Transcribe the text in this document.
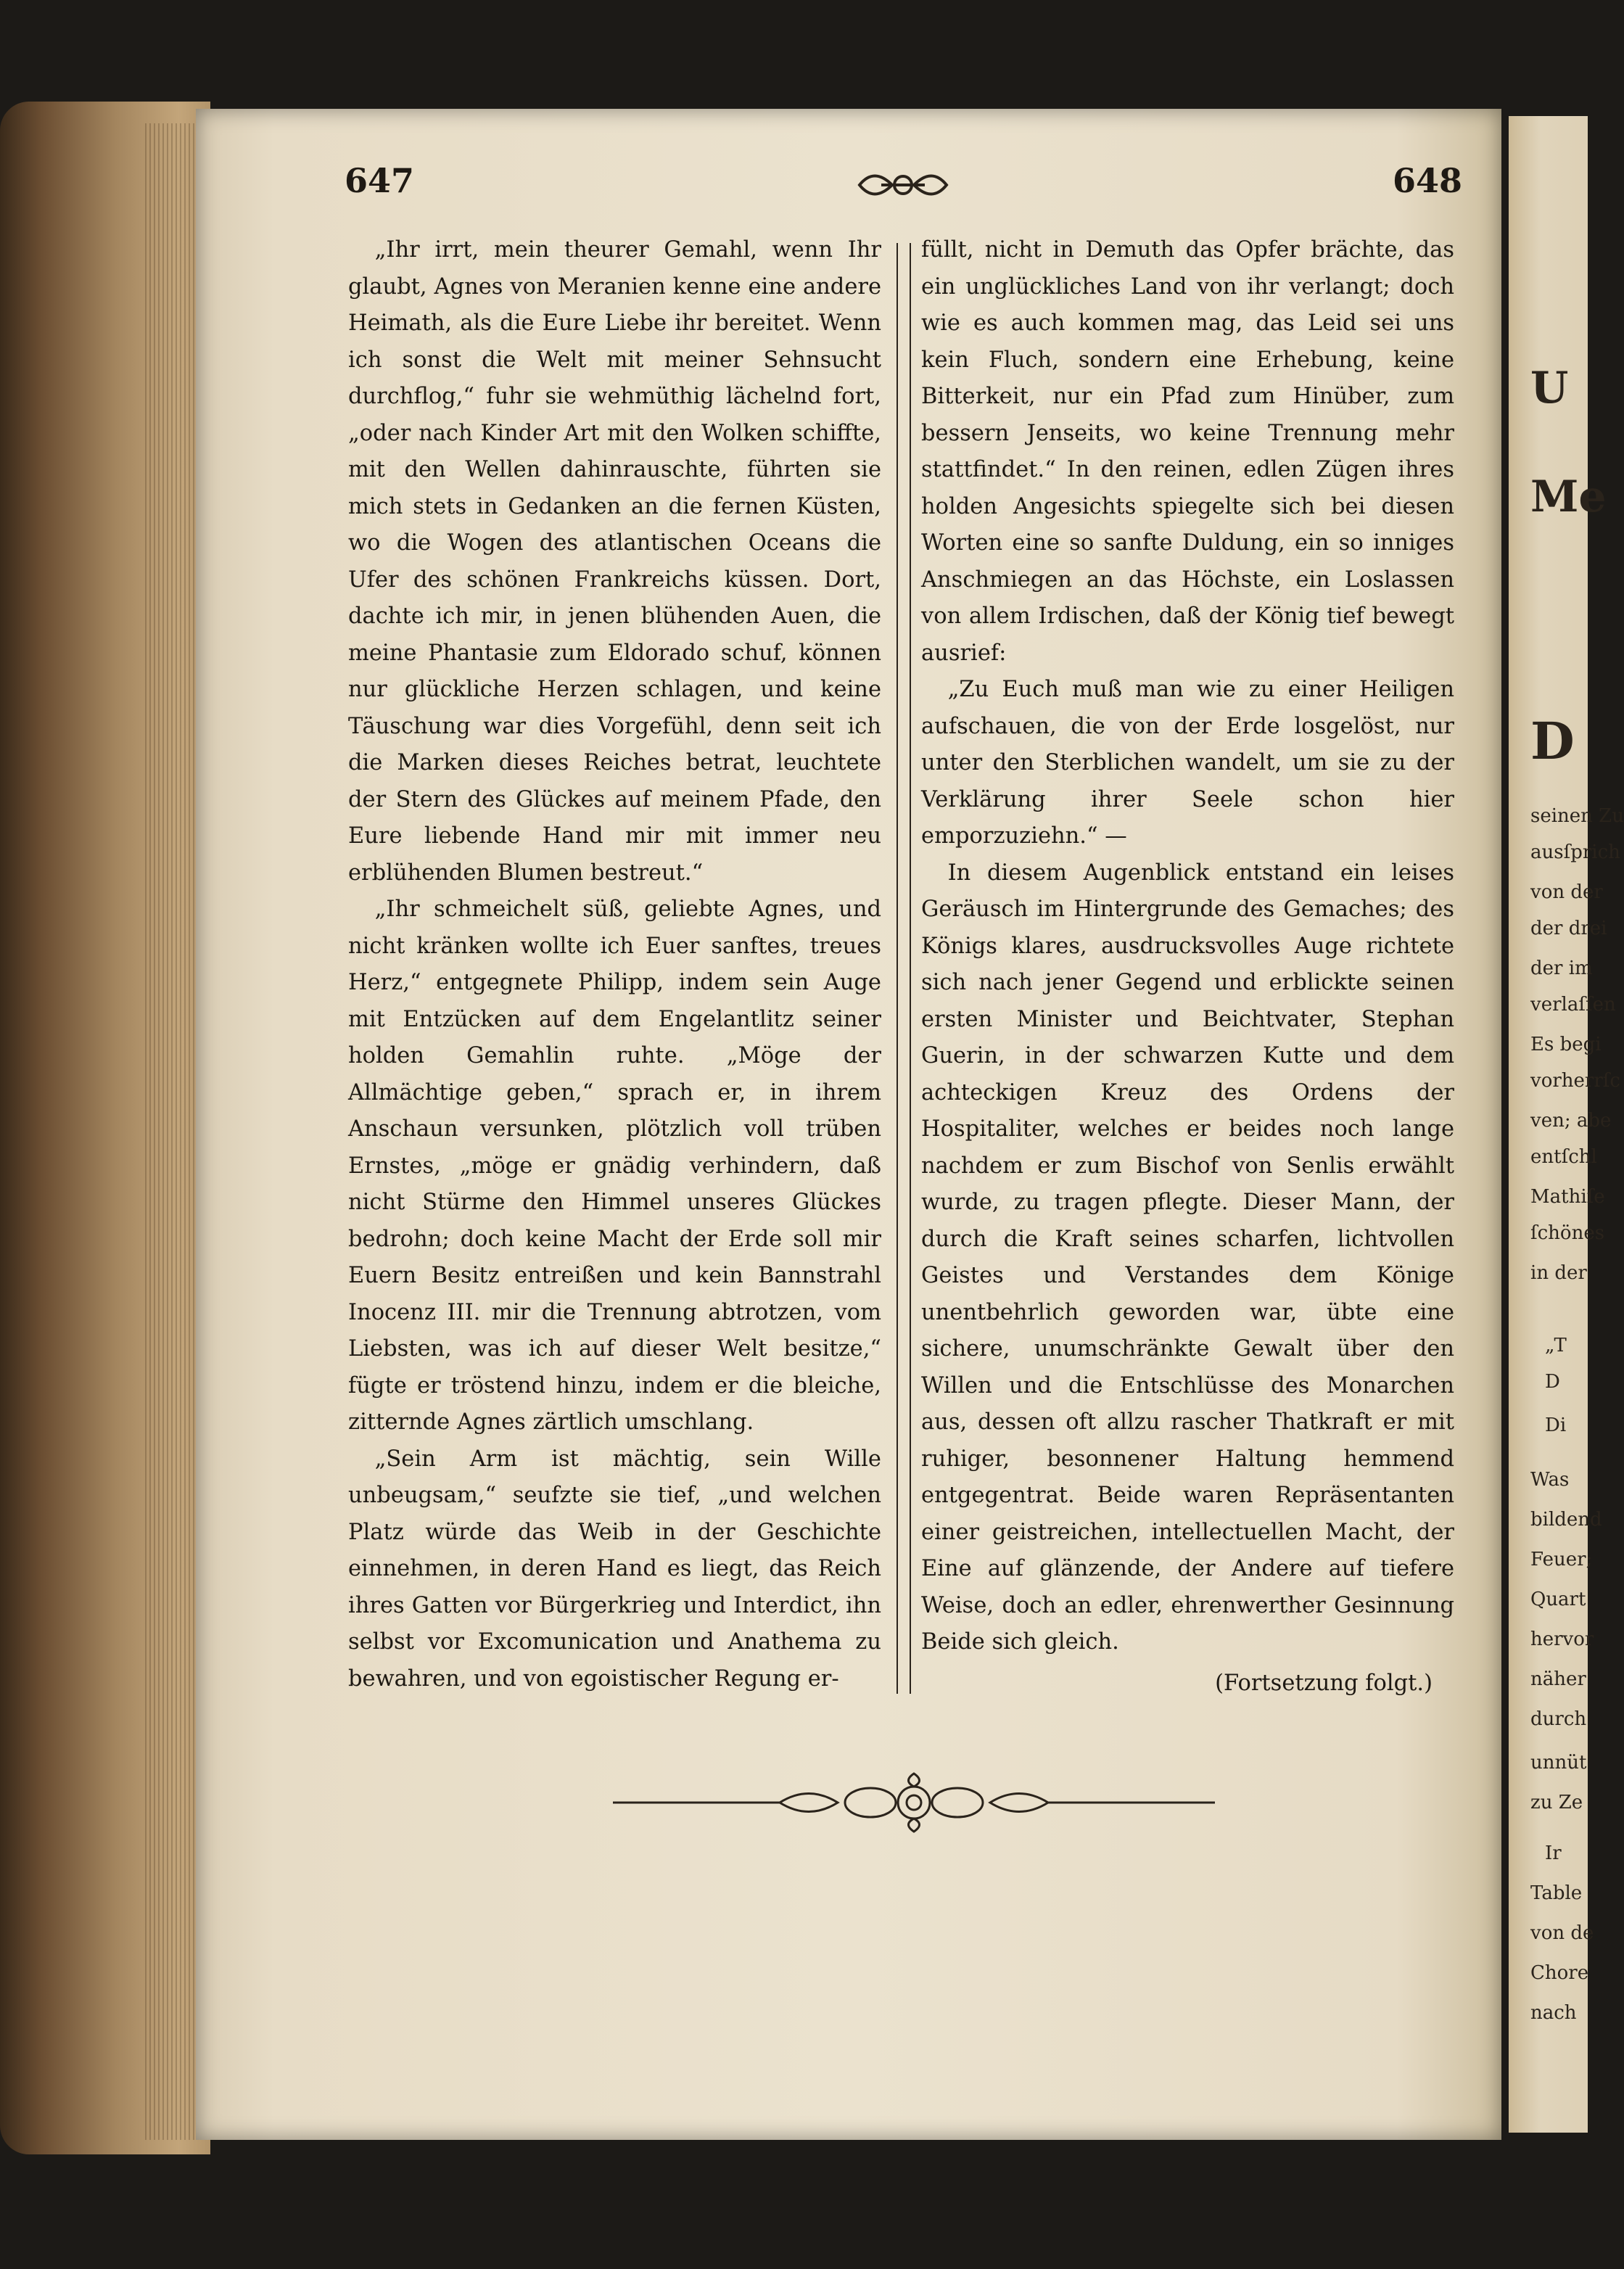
U
Me
D
seinen Zu
ausſprich
von der
der drei
der im
verlaſſen
Es begi
vorherrſc
ven; abe
entſchl
Mathiſe
ſchönes
in der
„T
D
Di
Was
bildend
Feuer;
Quart
hervor
näher
durch
unnüt
zu Ze
Ir
Table
von de
Chore
nach
647	648

„Ihr irrt, mein theurer Gemahl, wenn Ihr glaubt, Agnes von Meranien kenne eine andere Heimath, als die Eure Liebe ihr bereitet. Wenn ich sonst die Welt mit meiner Sehnsucht durchflog,“ fuhr sie wehmüthig lächelnd fort, „oder nach Kinder Art mit den Wolken schiffte, mit den Wellen dahinrauschte, führten sie mich stets in Gedanken an die fernen Küsten, wo die Wogen des atlantischen Oceans die Ufer des schönen Frankreichs küssen. Dort, dachte ich mir, in jenen blühenden Auen, die meine Phantasie zum Eldorado schuf, können nur glückliche Herzen schlagen, und keine Täuschung war dies Vorgefühl, denn seit ich die Marken dieses Reiches betrat, leuchtete der Stern des Glückes auf meinem Pfade, den Eure liebende Hand mir mit immer neu erblühenden Blumen bestreut.“

„Ihr schmeichelt süß, geliebte Agnes, und nicht kränken wollte ich Euer sanftes, treues Herz,“ entgegnete Philipp, indem sein Auge mit Entzücken auf dem Engelantlitz seiner holden Gemahlin ruhte. „Möge der Allmächtige geben,“ sprach er, in ihrem Anschaun versunken, plötzlich voll trüben Ernstes, „möge er gnädig verhindern, daß nicht Stürme den Himmel unseres Glückes bedrohn; doch keine Macht der Erde soll mir Euern Besitz entreißen und kein Bannstrahl Inocenz III. mir die Trennung abtrotzen, vom Liebsten, was ich auf dieser Welt besitze,“ fügte er tröstend hinzu, indem er die bleiche, zitternde Agnes zärtlich umschlang.

„Sein Arm ist mächtig, sein Wille unbeugsam,“ seufzte sie tief, „und welchen Platz würde das Weib in der Geschichte einnehmen, in deren Hand es liegt, das Reich ihres Gatten vor Bürgerkrieg und Interdict, ihn selbst vor Excomunication und Anathema zu bewahren, und von egoistischer Regung er-

füllt, nicht in Demuth das Opfer brächte, das ein unglückliches Land von ihr verlangt; doch wie es auch kommen mag, das Leid sei uns kein Fluch, sondern eine Erhebung, keine Bitterkeit, nur ein Pfad zum Hinüber, zum bessern Jenseits, wo keine Trennung mehr stattfindet.“ In den reinen, edlen Zügen ihres holden Angesichts spiegelte sich bei diesen Worten eine so sanfte Duldung, ein so inniges Anschmiegen an das Höchste, ein Loslassen von allem Irdischen, daß der König tief bewegt ausrief:

„Zu Euch muß man wie zu einer Heiligen aufschauen, die von der Erde losgelöst, nur unter den Sterblichen wandelt, um sie zu der Verklärung ihrer Seele schon hier emporzuziehn.“ —

In diesem Augenblick entstand ein leises Geräusch im Hintergrunde des Gemaches; des Königs klares, ausdrucksvolles Auge richtete sich nach jener Gegend und erblickte seinen ersten Minister und Beichtvater, Stephan Guerin, in der schwarzen Kutte und dem achteckigen Kreuz des Ordens der Hospitaliter, welches er beides noch lange nachdem er zum Bischof von Senlis erwählt wurde, zu tragen pflegte. Dieser Mann, der durch die Kraft seines scharfen, lichtvollen Geistes und Verstandes dem Könige unentbehrlich geworden war, übte eine sichere, unumschränkte Gewalt über den Willen und die Entschlüsse des Monarchen aus, dessen oft allzu rascher Thatkraft er mit ruhiger, besonnener Haltung hemmend entgegentrat. Beide waren Repräsentanten einer geistreichen, intellectuellen Macht, der Eine auf glänzende, der Andere auf tiefere Weise, doch an edler, ehrenwerther Gesinnung Beide sich gleich.

(Fortsetzung folgt.)
